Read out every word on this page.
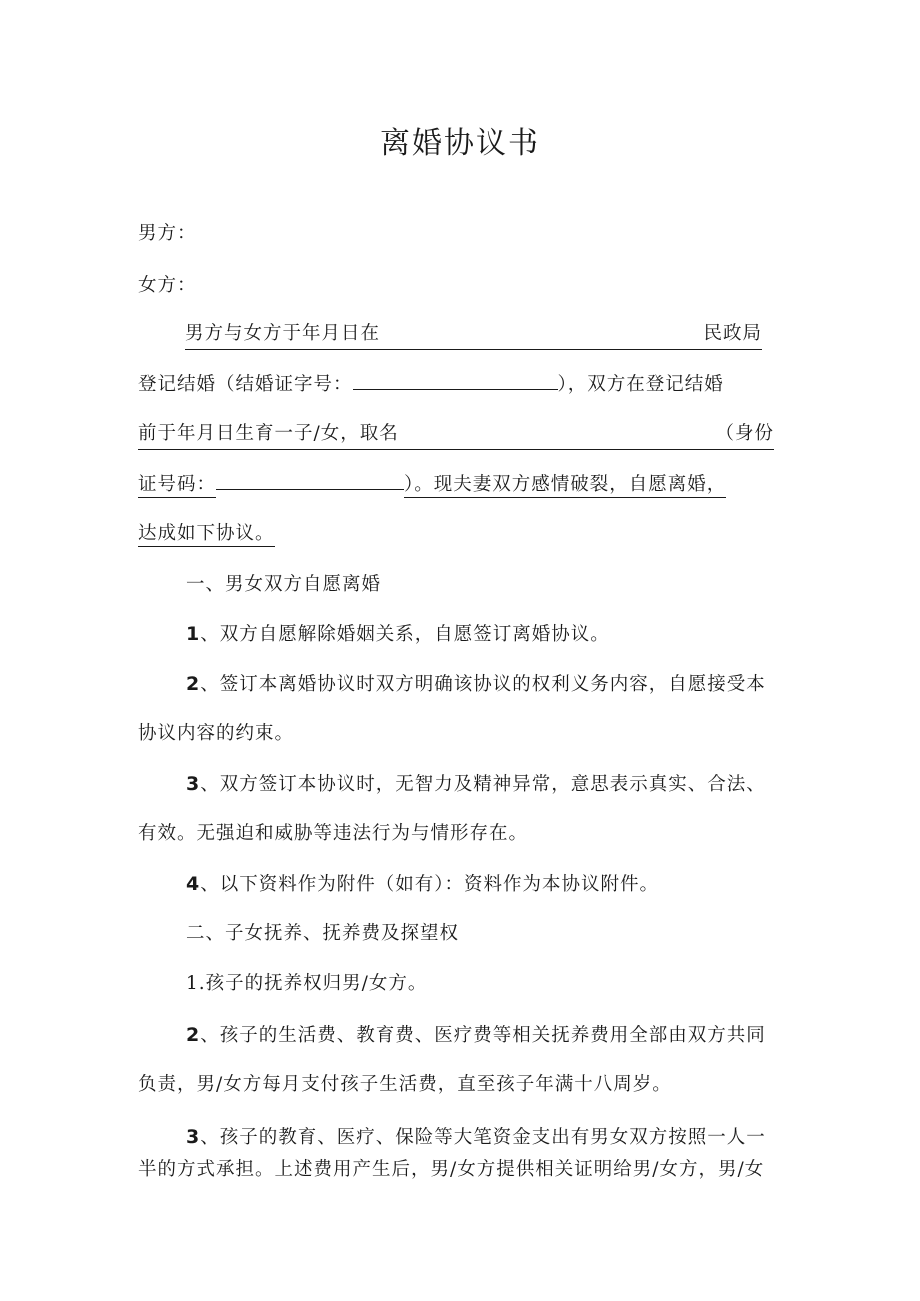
离婚协议书
男方：
女方：
男方与女方于年月日在	民政局
登记结婚（结婚证字号：	），双方在登记结婚
前于年月日生育一子/女，取名	（身份
证号码：	）。现夫妻双方感情破裂，自愿离婚，
达成如下协议。
一、男女双方自愿离婚
1、双方自愿解除婚姻关系，自愿签订离婚协议。
2、签订本离婚协议时双方明确该协议的权利义务内容，自愿接受本
协议内容的约束。
3、双方签订本协议时，无智力及精神异常，意思表示真实、合法、
有效。无强迫和威胁等违法行为与情形存在。
4、以下资料作为附件（如有）：资料作为本协议附件。
二、子女抚养、抚养费及探望权
1.孩子的抚养权归男/女方。
2、孩子的生活费、教育费、医疗费等相关抚养费用全部由双方共同
负责，男/女方每月支付孩子生活费，直至孩子年满十八周岁。
3、孩子的教育、医疗、保险等大笔资金支出有男女双方按照一人一
半的方式承担。上述费用产生后，男/女方提供相关证明给男/女方，男/女
